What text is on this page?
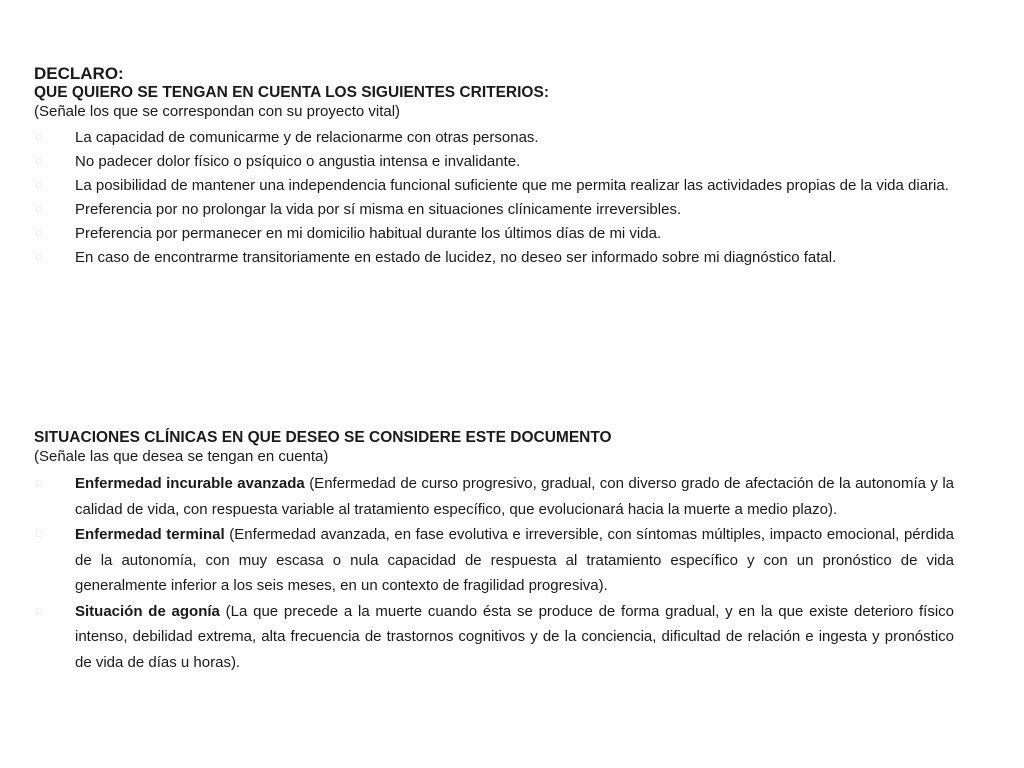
DECLARO:
QUE QUIERO SE TENGAN EN CUENTA LOS SIGUIENTES CRITERIOS:

(Señale los que se correspondan con su proyecto vital)

□ La capacidad de comunicarme y de relacionarme con otras personas.
□ No padecer dolor físico o psíquico o angustia intensa e invalidante.
□ La posibilidad de mantener una independencia funcional suficiente que me permita realizar las actividades propias de la vida diaria.
□ Preferencia por no prolongar la vida por sí misma en situaciones clínicamente irreversibles.
□ Preferencia por permanecer en mi domicilio habitual durante los últimos días de mi vida.
□ En caso de encontrarme transitoriamente en estado de lucidez, no deseo ser informado sobre mi diagnóstico fatal.
SITUACIONES CLÍNICAS EN QUE DESEO SE CONSIDERE ESTE DOCUMENTO

(Señale las que desea se tengan en cuenta)

□ Enfermedad incurable avanzada (Enfermedad de curso progresivo, gradual, con diverso grado de afectación de la autonomía y la calidad de vida, con respuesta variable al tratamiento específico, que evolucionará hacia la muerte a medio plazo).
□ Enfermedad terminal (Enfermedad avanzada, en fase evolutiva e irreversible, con síntomas múltiples, impacto emocional, pérdida de la autonomía, con muy escasa o nula capacidad de respuesta al tratamiento específico y con un pronóstico de vida generalmente inferior a los seis meses, en un contexto de fragilidad progresiva).
□ Situación de agonía (La que precede a la muerte cuando ésta se produce de forma gradual, y en la que existe deterioro físico intenso, debilidad extrema, alta frecuencia de trastornos cognitivos y de la conciencia, dificultad de relación e ingesta y pronóstico de vida de días u horas).
